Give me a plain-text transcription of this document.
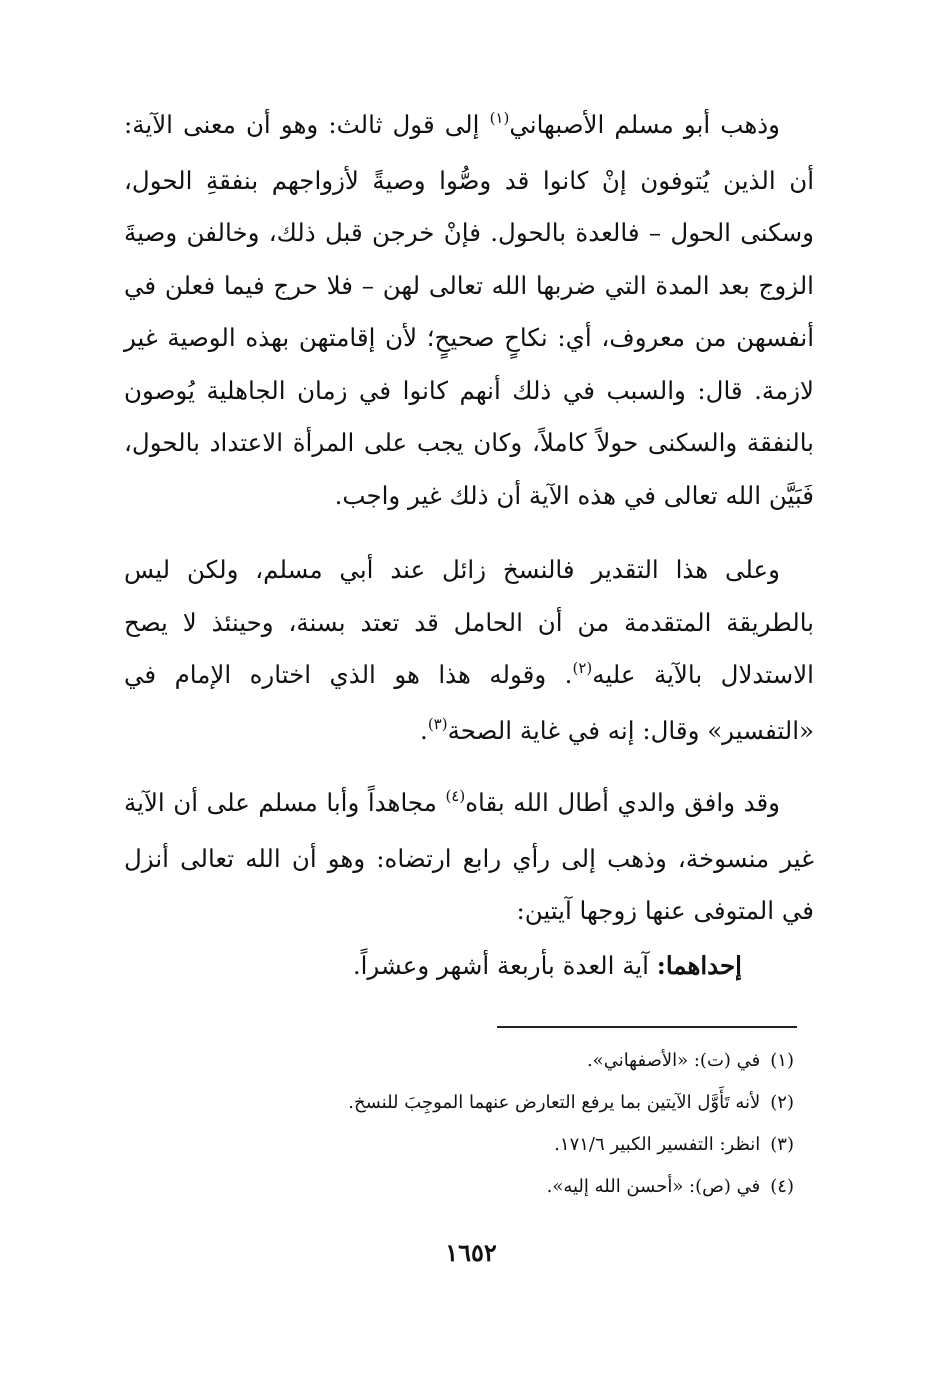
وذهب أبو مسلم الأصبهاني$^{(١)}$ إلى قول ثالث: وهو أن معنى الآية: أن الذين يُتوفون إنْ كانوا قد وصُّوا وصيةً لأزواجهم بنفقةِ الحول، وسكنى الحول – فالعدة بالحول. فإنْ خرجن قبل ذلك، وخالفن وصيةَ الزوج بعد المدة التي ضربها الله تعالى لهن – فلا حرج فيما فعلن في أنفسهن من معروف، أي: نكاحٍ صحيحٍ؛ لأن إقامتهن بهذه الوصية غير لازمة. قال: والسبب في ذلك أنهم كانوا في زمان الجاهلية يُوصون بالنفقة والسكنى حولاً كاملاً، وكان يجب على المرأة الاعتداد بالحول، فَبَيَّن الله تعالى في هذه الآية أن ذلك غير واجب.
وعلى هذا التقدير فالنسخ زائل عند أبي مسلم، ولكن ليس بالطريقة المتقدمة من أن الحامل قد تعتد بسنة، وحينئذ لا يصح الاستدلال بالآية عليه$^{(٢)}$. وقوله هذا هو الذي اختاره الإمام في «التفسير» وقال: إنه في غاية الصحة$^{(٣)}$.
وقد وافق والدي أطال الله بقاه$^{(٤)}$ مجاهداً وأبا مسلم على أن الآية غير منسوخة، وذهب إلى رأي رابع ارتضاه: وهو أن الله تعالى أنزل في المتوفى عنها زوجها آيتين:
إحداهما: آية العدة بأربعة أشهر وعشراً.
(١)في (ت): «الأصفهاني».
(٢)لأنه تَأَوَّل الآيتين بما يرفع التعارض عنهما الموجِبَ للنسخ.
(٣)انظر: التفسير الكبير ١٧١/٦.
(٤)في (ص): «أحسن الله إليه».
١٦٥٢
